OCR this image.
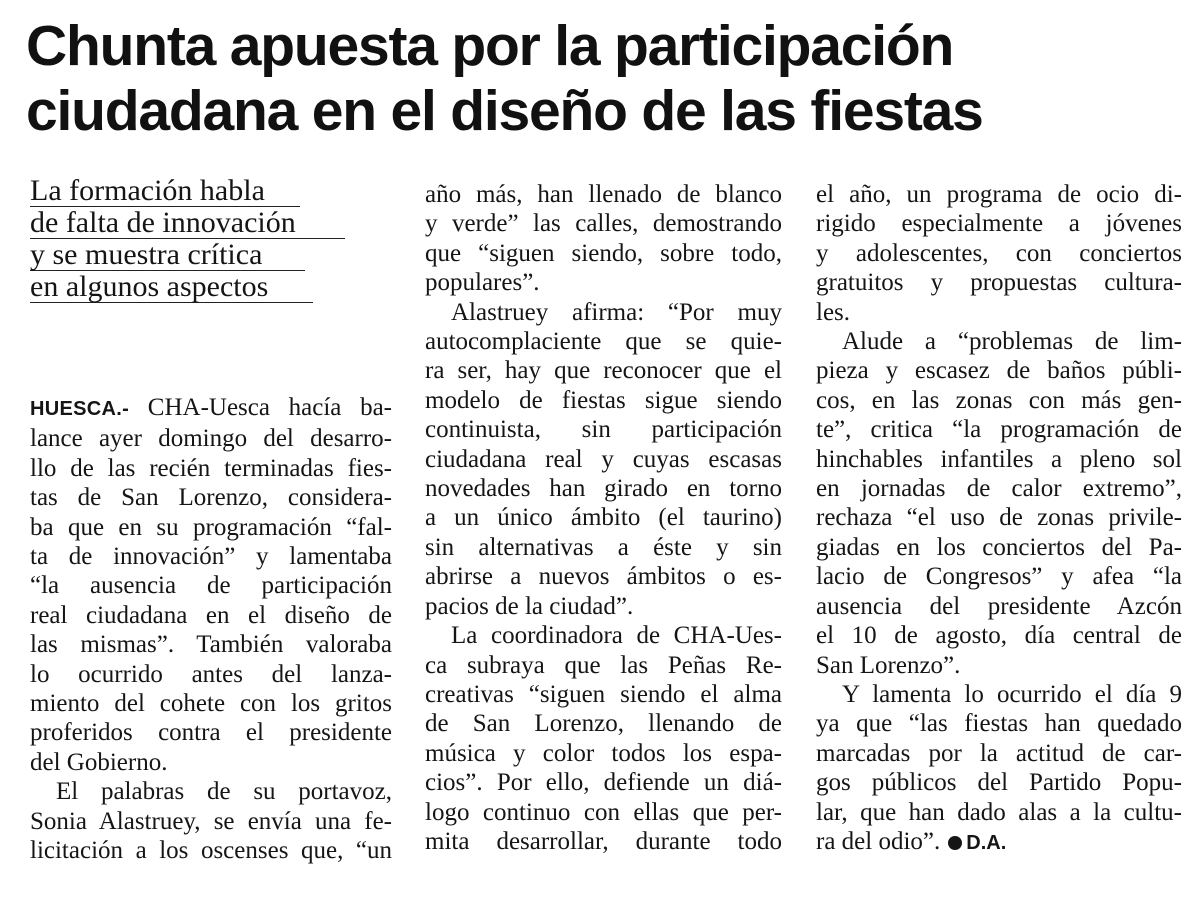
Chunta apuesta por la participación
ciudadana en el diseño de las fiestas
La formación habla
de falta de innovación
y se muestra crítica
en algunos aspectos
HUESCA.- CHA-Uesca hacía ba-
lance ayer domingo del desarro-
llo de las recién terminadas fies-
tas de San Lorenzo, considera-
ba que en su programación “fal-
ta de innovación” y lamentaba
“la ausencia de participación
real ciudadana en el diseño de
las mismas”. También valoraba
lo ocurrido antes del lanza-
miento del cohete con los gritos
proferidos contra el presidente
del Gobierno.
El palabras de su portavoz,
Sonia Alastruey, se envía una fe-
licitación a los oscenses que, “un
año más, han llenado de blanco
y verde” las calles, demostrando
que “siguen siendo, sobre todo,
populares”.
Alastruey afirma: “Por muy
autocomplaciente que se quie-
ra ser, hay que reconocer que el
modelo de fiestas sigue siendo
continuista, sin participación
ciudadana real y cuyas escasas
novedades han girado en torno
a un único ámbito (el taurino)
sin alternativas a éste y sin
abrirse a nuevos ámbitos o es-
pacios de la ciudad”.
La coordinadora de CHA-Ues-
ca subraya que las Peñas Re-
creativas “siguen siendo el alma
de San Lorenzo, llenando de
música y color todos los espa-
cios”. Por ello, defiende un diá-
logo continuo con ellas que per-
mita desarrollar, durante todo
el año, un programa de ocio di-
rigido especialmente a jóvenes
y adolescentes, con conciertos
gratuitos y propuestas cultura-
les.
Alude a “problemas de lim-
pieza y escasez de baños públi-
cos, en las zonas con más gen-
te”, critica “la programación de
hinchables infantiles a pleno sol
en jornadas de calor extremo”,
rechaza “el uso de zonas privile-
giadas en los conciertos del Pa-
lacio de Congresos” y afea “la
ausencia del presidente Azcón
el 10 de agosto, día central de
San Lorenzo”.
Y lamenta lo ocurrido el día 9
ya que “las fiestas han quedado
marcadas por la actitud de car-
gos públicos del Partido Popu-
lar, que han dado alas a la cultu-
ra del odio”. D.A.
